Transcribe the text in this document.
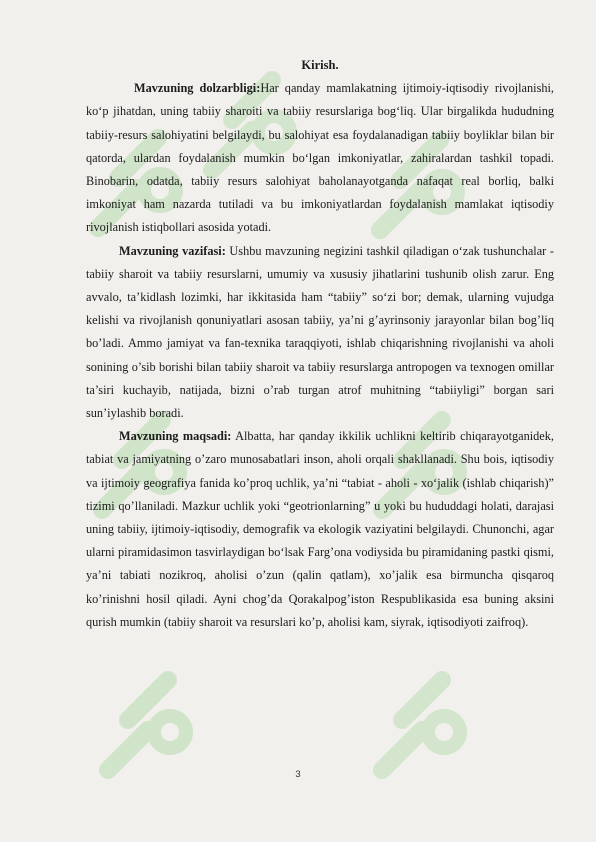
Kirish.

Mavzuning dolzarbligi:Har qanday mamlakatning ijtimoiy-iqtisodiy rivojlanishi, ko‘p jihatdan, uning tabiiy sharoiti va tabiiy resurslariga bog‘liq. Ular birgalikda hududning tabiiy-resurs salohiyatini belgilaydi, bu salohiyat esa foydalanadigan tabiiy boyliklar bilan bir qatorda, ulardan foydalanish mumkin bo‘lgan imkoniyatlar, zahiralardan tashkil topadi. Binobarin, odatda, tabiiy resurs salohiyat baholanayotganda nafaqat real borliq, balki imkoniyat ham nazarda tutiladi va bu imkoniyatlardan foydalanish mamlakat iqtisodiy rivojlanish istiqbollari asosida yotadi.

Mavzuning vazifasi: Ushbu mavzuning negizini tashkil qiladigan o‘zak tushunchalar - tabiiy sharoit va tabiiy resurslarni, umumiy va xususiy jihatlarini tushunib olish zarur. Eng avvalo, ta’kidlash lozimki, har ikkitasida ham “tabiiy” so‘zi bor; demak, ularning vujudga kelishi va rivojlanish qonuniyatlari asosan tabiiy, ya’ni g’ayrinsoniy jarayonlar bilan bog’liq bo’ladi. Ammo jamiyat va fan-texnika taraqqiyoti, ishlab chiqarishning rivojlanishi va aholi sonining o’sib borishi bilan tabiiy sharoit va tabiiy resurslarga antropogen va texnogen omillar ta’siri kuchayib, natijada, bizni o’rab turgan atrof muhitning “tabiiyligi” borgan sari sun’iylashib boradi.

Mavzuning maqsadi: Albatta, har qanday ikkilik uchlikni keltirib chiqarayotganidek, tabiat va jamiyatning o’zaro munosabatlari inson, aholi orqali shakllanadi. Shu bois, iqtisodiy va ijtimoiy geografiya fanida ko’proq uchlik, ya’ni “tabiat - aholi - xo‘jalik (ishlab chiqarish)” tizimi qo’llaniladi. Mazkur uchlik yoki “geotrionlarning” u yoki bu hududdagi holati, darajasi uning tabiiy, ijtimoiy-iqtisodiy, demografik va ekologik vaziyatini belgilaydi. Chunonchi, agar ularni piramidasimon tasvirlaydigan bo‘lsak Farg’ona vodiysida bu piramidaning pastki qismi, ya’ni tabiati nozikroq, aholisi o’zun (qalin qatlam), xo’jalik esa birmuncha qisqaroq ko’rinishni hosil qiladi. Ayni chog’da Qorakalpog’iston Respublikasida esa buning aksini qurish mumkin (tabiiy sharoit va resurslari ko’p, aholisi kam, siyrak, iqtisodiyoti zaifroq).

3
